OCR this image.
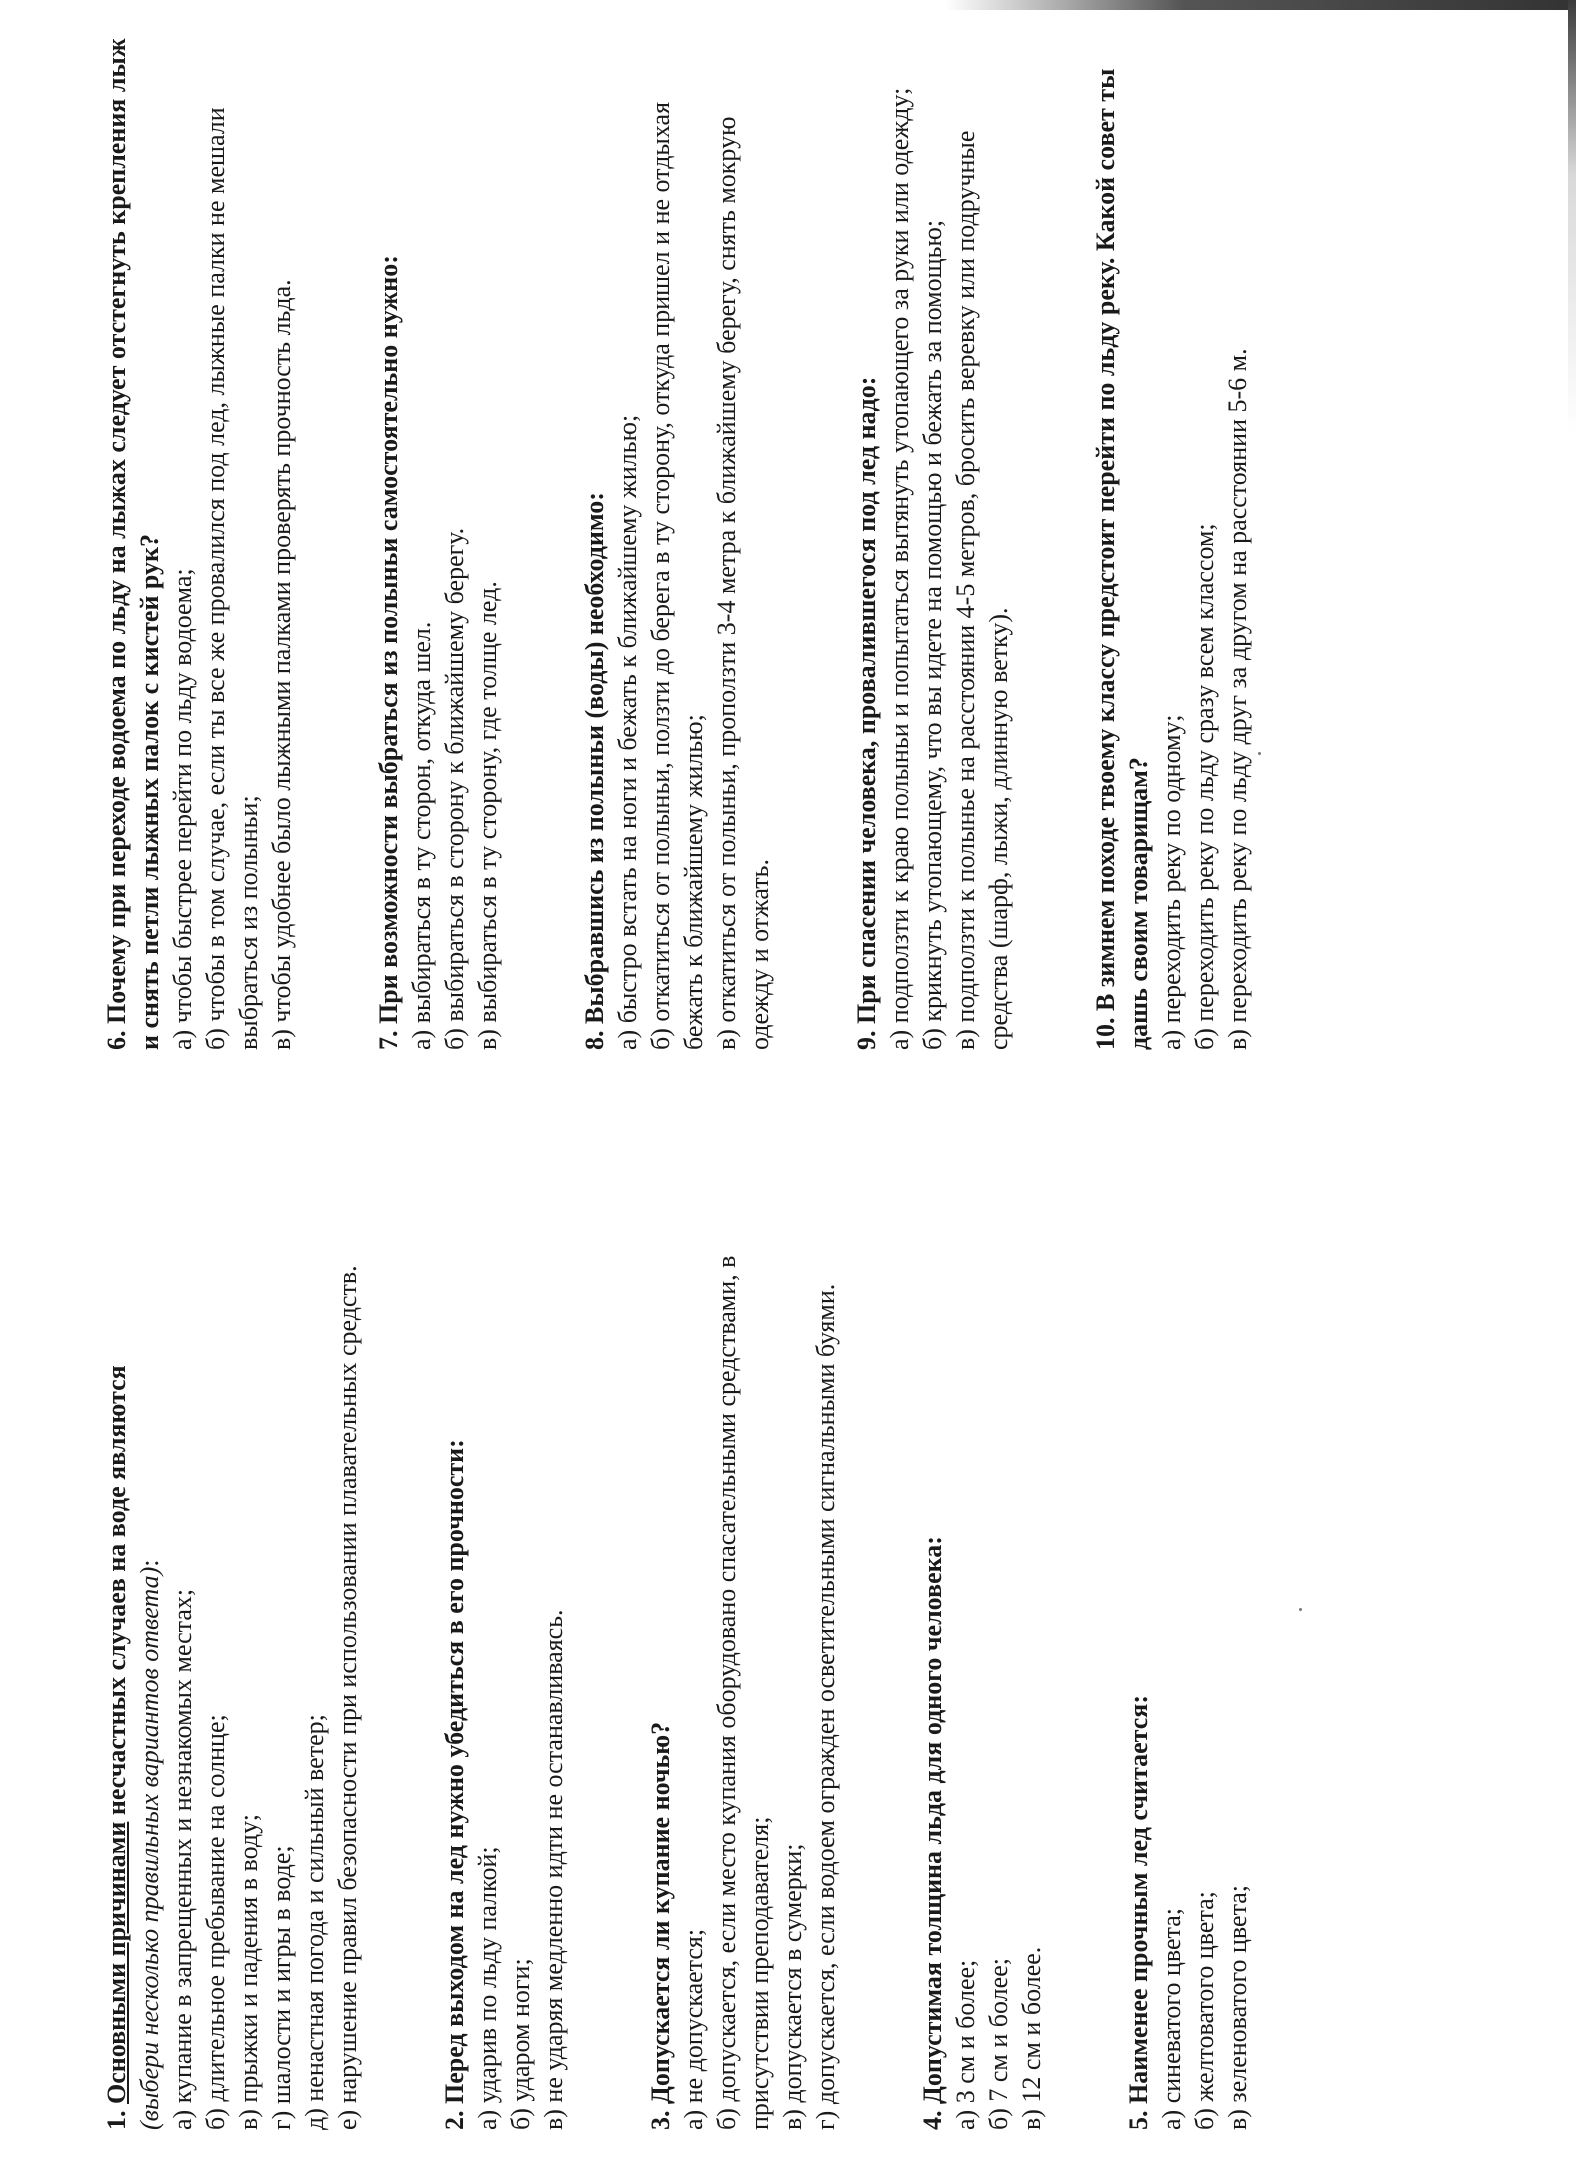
1. Основными причинами несчастных случаев на воде являются (выбери несколько правильных вариантов ответа):

а) купание в запрещенных и незнакомых местах; б) длительное пребывание на солнце; в) прыжки и падения в воду; г) шалости и игры в воде; д) ненастная погода и сильный ветер; е) нарушение правил безопасности при использовании плавательных средств.	2. Перед выходом на лед нужно убедиться в его прочности: а) ударив по льду палкой; б) ударом ноги; в) не ударяя медленно идти не останавливаясь.	3. Допускается ли купание ночью? а) не допускается; б) допускается, если место купания оборудовано спасательными средствами, в присутствии преподавателя; в) допускается в сумерки; г) допускается, если водоем огражден осветительными сигнальными буями.	4. Допустимая толщина льда для одного человека: а) 3 см и более; б) 7 см и более; в) 12 см и более.	5. Наименее прочным лед считается: а) синеватого цвета; б) желтоватого цвета; в) зеленоватого цвета;

6. Почему при переходе водоема по льду на лыжах следует отстегнуть крепления лыж и снять петли лыжных палок с кистей рук? а) чтобы быстрее перейти по льду водоема; б) чтобы в том случае, если ты все же провалился под лед, лыжные палки не мешали выбраться из полыньи; в) чтобы удобнее было лыжными палками проверять прочность льда.	7. При возможности выбраться из полыньи самостоятельно нужно: а) выбираться в ту сторон, откуда шел. б) выбираться в сторону к ближайшему берегу. в) выбираться в ту сторону, где толще лед.	8. Выбравшись из полыньи (воды) необходимо: а) быстро встать на ноги и бежать к ближайшему жилью; б) откатиться от полыньи, ползти до берега в ту сторону, откуда пришел и не отдыхая бежать к ближайшему жилью; в) откатиться от полыньи, проползти 3-4 метра к ближайшему берегу, снять мокрую одежду и отжать.	9. При спасении человека, провалившегося под лед надо: а) подползти к краю полыньи и попытаться вытянуть утопающего за руки или одежду; б) крикнуть утопающему, что вы идете на помощью и бежать за помощью; в) подползти к полынье на расстоянии 4-5 метров, бросить веревку или подручные средства (шарф, лыжи, длинную ветку).	10. В зимнем походе твоему классу предстоит перейти по льду реку. Какой совет ты дашь своим товарищам? а) переходить реку по одному; б) переходить реку по льду сразу всем классом; в) переходить реку по льду друг за другом на расстоянии 5-6 м.
